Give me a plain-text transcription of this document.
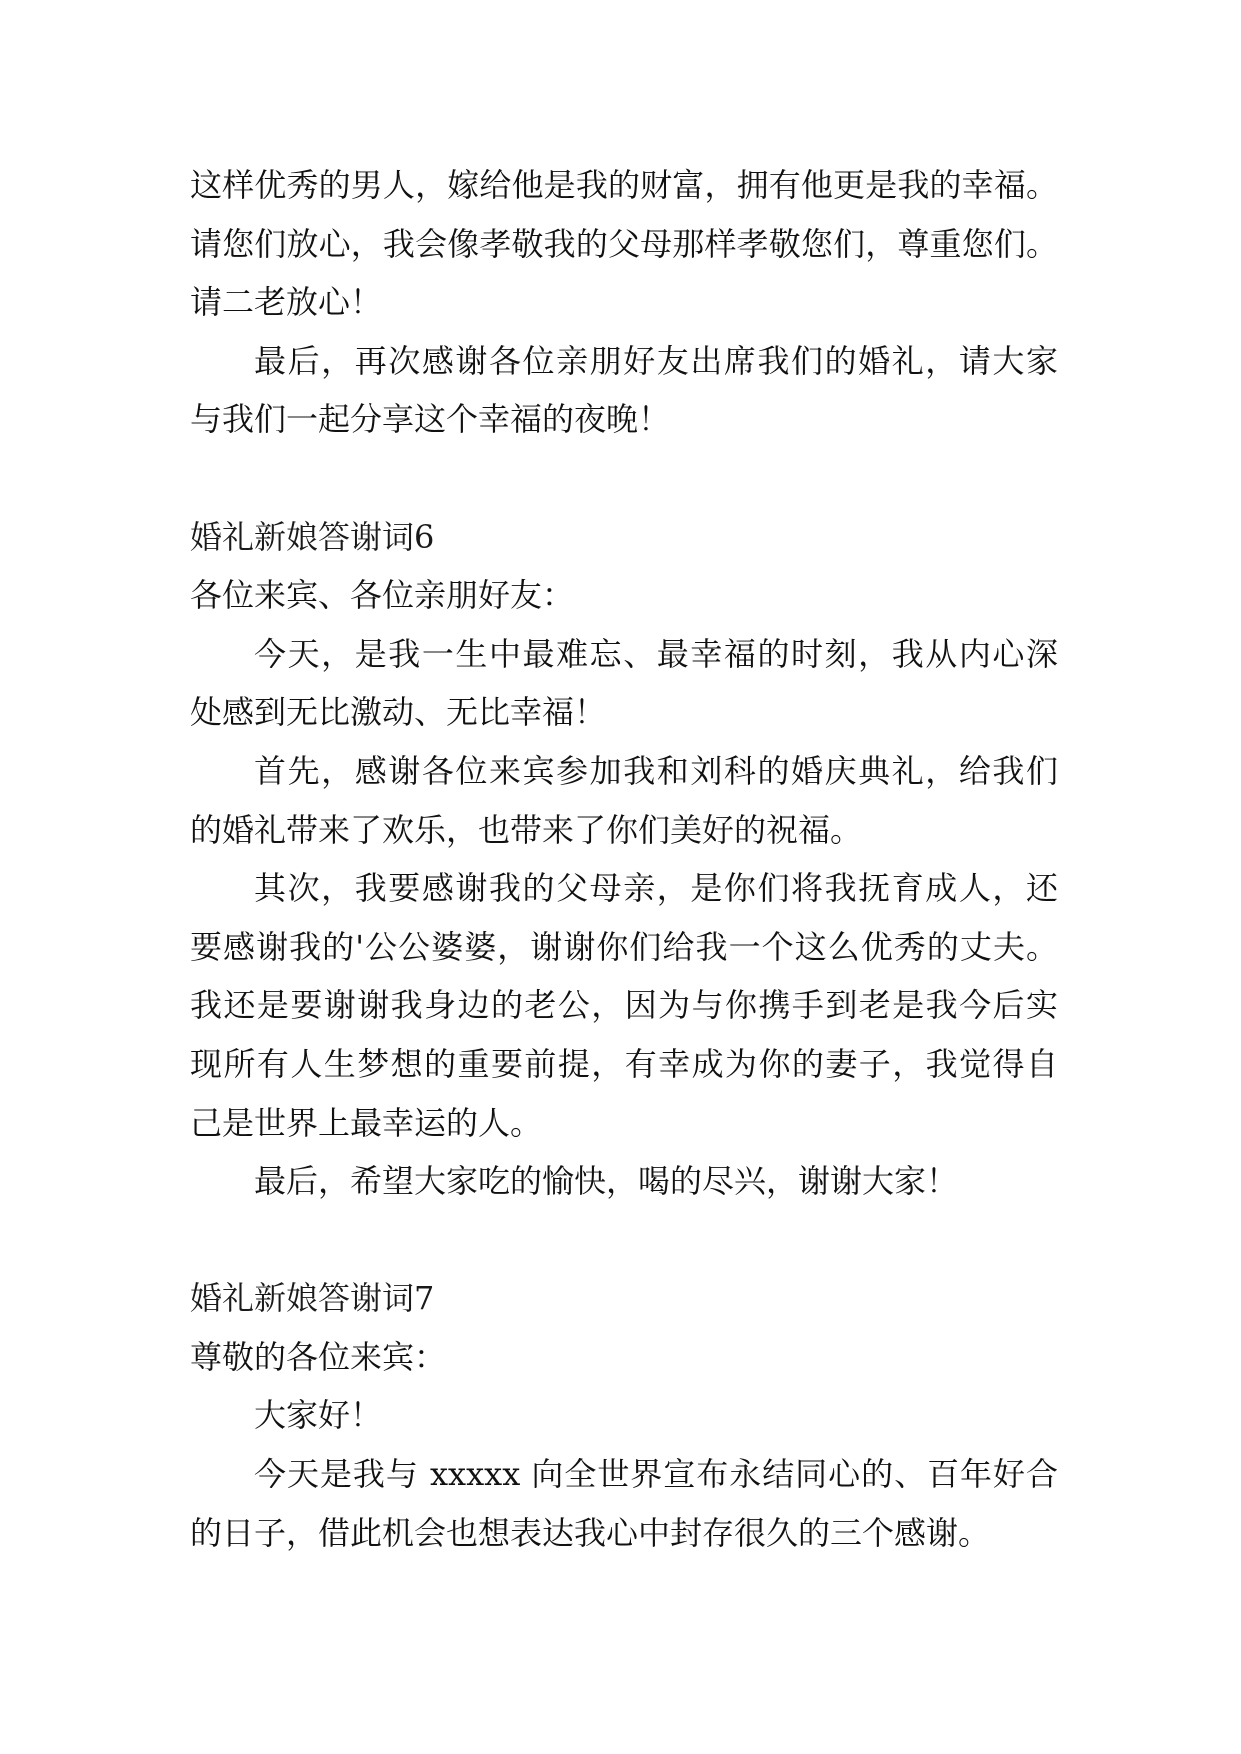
这样优秀的男人，嫁给他是我的财富，拥有他更是我的幸福。
请您们放心，我会像孝敬我的父母那样孝敬您们，尊重您们。
请二老放心！
最后，再次感谢各位亲朋好友出席我们的婚礼，请大家
与我们一起分享这个幸福的夜晚！
婚礼新娘答谢词6
各位来宾、各位亲朋好友：
今天，是我一生中最难忘、最幸福的时刻，我从内心深
处感到无比激动、无比幸福！
首先，感谢各位来宾参加我和刘科的婚庆典礼，给我们
的婚礼带来了欢乐，也带来了你们美好的祝福。
其次，我要感谢我的父母亲，是你们将我抚育成人，还
要感谢我的'公公婆婆，谢谢你们给我一个这么优秀的丈夫。
我还是要谢谢我身边的老公，因为与你携手到老是我今后实
现所有人生梦想的重要前提，有幸成为你的妻子，我觉得自
己是世界上最幸运的人。
最后，希望大家吃的愉快，喝的尽兴，谢谢大家！
婚礼新娘答谢词7
尊敬的各位来宾：
大家好！
今天是我与 xxxxx 向全世界宣布永结同心的、百年好合
的日子，借此机会也想表达我心中封存很久的三个感谢。
